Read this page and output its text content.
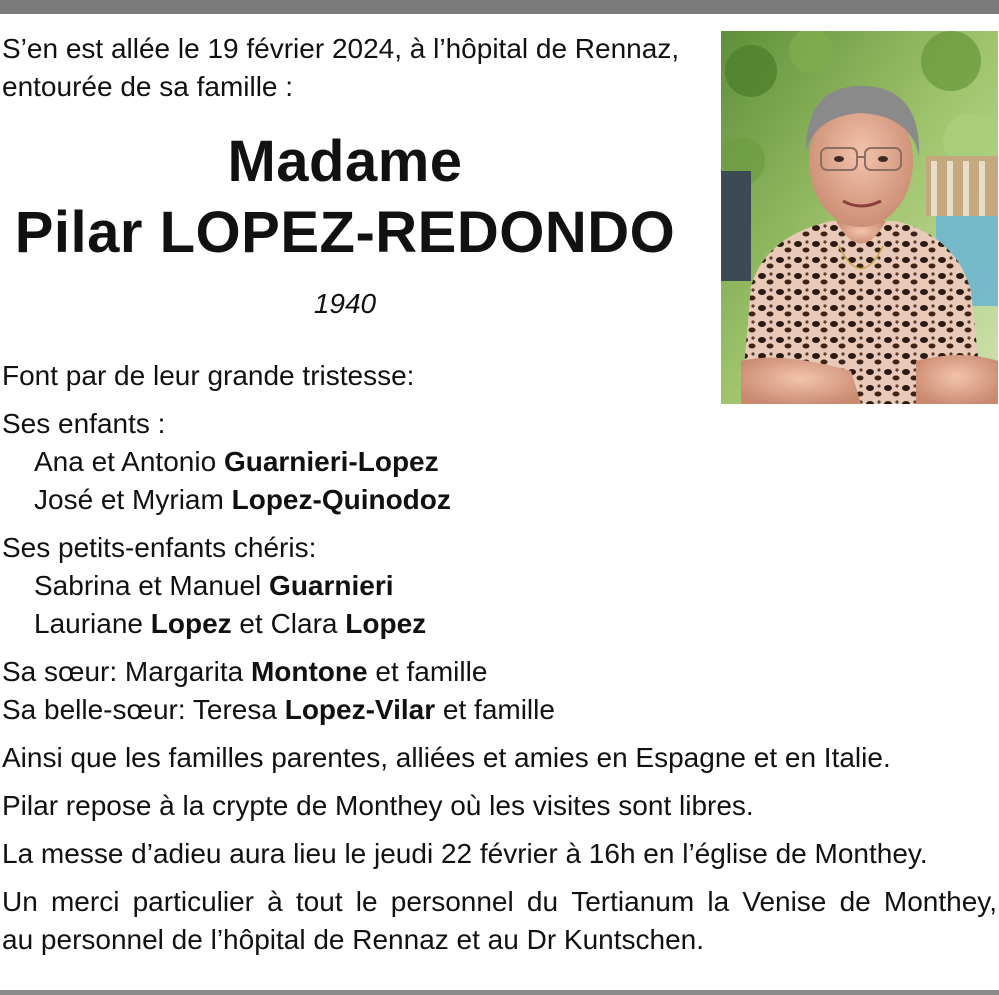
S’en est allée le 19 février 2024, à l’hôpital de Rennaz,
entourée de sa famille :
Madame
Pilar LOPEZ-REDONDO
1940
Font par de leur grande tristesse:
Ses enfants :
Ana et Antonio Guarnieri-Lopez
José et Myriam Lopez-Quinodoz
Ses petits-enfants chéris:
Sabrina et Manuel Guarnieri
Lauriane Lopez et Clara Lopez
Sa sœur: Margarita Montone et famille
Sa belle-sœur: Teresa Lopez-Vilar et famille
Ainsi que les familles parentes, alliées et amies en Espagne et en Italie.
Pilar repose à la crypte de Monthey où les visites sont libres.
La messe d’adieu aura lieu le jeudi 22 février à 16h en l’église de Monthey.
Un merci particulier à tout le personnel du Tertianum la Venise de Monthey,
au personnel de l’hôpital de Rennaz et au Dr Kuntschen.
